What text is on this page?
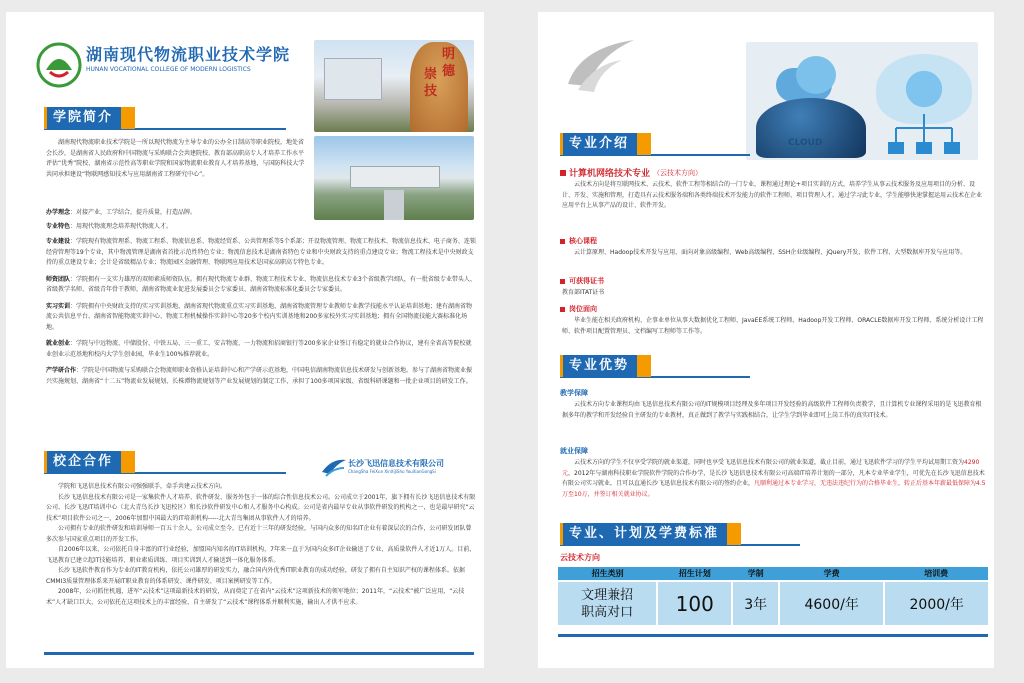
湖南现代物流职业技术学院
HUNAN VOCATIONAL COLLEGE OF MODERN LOGISTICS
明
德
崇
技
学院简介

湖南现代物流职业技术学院是一所以现代物流为主导专业的公办全日制高等职业院校，地处省会长沙，是湖南省人民政府和中国物流与采购联合会共建院校、教育部高职高专人才培养工作水平评估“优秀”院校、湖南省示范性高等职业学院和国家物流职业教育人才培养基地，与国防科技大学共同承担建设“物联网感知技术与应用湖南省工程研究中心”。

办学理念：对接产业，工学结合，提升质量，打造品牌。
专业特色：用现代物流理念培养现代物流人才。
专业建设：学院现有物流管理系、物流工程系、物流信息系、物流经贸系、公共管理系等5个系部；开设物流管理、物流工程技术、物流信息技术、电子商务、连锁经营管理等19个专业，其中物流管理是湖南省首批示范性特色专业；物流信息技术是湖南省特色专业和中央财政支持的重点建设专业；物流工程技术是中央财政支持的重点建设专业；会计是省级精品专业；物流园区金融管理、物联网应用技术是国家高职高专特色专业。
师资团队：学院拥有一支实力雄厚的双师素质师资队伍。拥有现代物流专业群、物流工程技术专业、物流信息技术专业3个省级教学团队，有一批省级专业带头人、省级教学名师、省级青年骨干教师，湖南省物流业促进发展委员会专家委员、湖南省物流标准化委员会专家委员。
实习实训：学院拥有中央财政支持的实习实训基地、湖南省现代物流重点实习实训基地、湖南省物流管理专业教师专业教学技能水平认证培训基地；建有湖南省物流公共信息平台、湖南省智能物流实训中心、物流工程机械操作实训中心等20多个校内实训基地和200多家校外实习实训基地；拥有全国物流技能大赛标准化场地。
就业创业：学院与中远物流、中储股份、中铁五局、三一重工、安吉物流、一力物流和招商银行等200多家企业签订有稳定的就业合作协议，建有全省高等院校就业创业示范基地和校内大学生创业园，毕业生100%推荐就业。
产学研合作：学院是中国物流与采购联合会物流师职业资格认证培训中心和产学研示范基地，中国电信湖南物流信息技术研发与创新基地。参与了湖南省物流业振兴实施规划、湖南省“十二五”物流业发展规划、长株潭物流规划等产业发展规划的制定工作，承担了100多项国家级、省级科研课题和一批企业项目的研发工作。
校企合作	长沙飞迅信息技术有限公司
ChangSha FeiXun XinXiJiShu YouXianGongSi

学院和飞迅信息技术有限公司强强联手，牵手共建云技术方向。

长沙飞迅信息技术有限公司是一家集软件人才培养、软件研发、服务外包于一体的综合性信息技术公司。公司成立于2001年，旗下拥有长沙飞迅信息技术有限公司、长沙飞迅IT培训中心（北大青鸟长沙飞迅校区）和长沙软件研发中心和人才服务中心构成。公司是省内最早专业从事软件研发的机构之一，也是最早研究“云技术”项目软件公司之一，2006年加盟中国最大的IT培训机构-----北大青鸟集团从事软件人才的培养。

公司拥有专业的软件研发和培训导师一百五十余人，公司成立至今，已有近十三年的研发经验，与国内众多的知名IT企业有着深层次的合作，公司研发团队曾多次参与国家重点项目的开发工作。

自2006年以来，公司依托自身丰富的IT行业经验，加盟国内知名的IT培训机构，7年来一直于为国内众多IT企业输送了专业、高质量软件人才近1万人。目前，飞迅教育已建立起IT技能培养、职业素质训练、项目实训到人才输送到一体化服务体系。

长沙飞迅软件教育作为专业的IT教育机构，依托公司雄厚的研发实力，融合国内外优秀IT职业教育的成功经验，研发了拥有自主知识产权的课程体系。依据CMMI3质量管理体系来开展IT职业教育的体系研发、课件研发、项目案例研发等工作。

2008年，公司抓住机遇，进军“云技术”这项最新技术的研发，从而奠定了在省内“云技术”这项新技术的领军地位；2011年，“云技术”被广泛应用，“云技术”人才缺口巨大，公司依托在这项技术上的丰富经验，自主研发了“云技术”课程体系并顺利实施，输出人才供不应求。

CLOUD
专业介绍
计算机网络技术专业 （云技术方向）

云技术方向是将互联网技术、云技术、软件工程等相结合的一门专业，课程通过理论+项目实训的方式，培养学生从事云技术服务及应用项目的分析、设计、开发、实施和管理，打造具有云技术服务端和各类终端技术开发能力的软件工程师、项目管理人才。通过学习此专业，学生能够快速掌握运用云技术在企业应用平台上从事产品的设计、软件开发。

核心课程

云计算原理、Hadoop技术开发与应用、面向对象高级编程、Web高级编程、SSH企业级编程、jQuery开发、软件工程、大型数据库开发与应用等。

可获得证书
教育部ITAT证书
岗位面向

毕业生能在相关政府机构、企事业单位从事大数据优化工程师、JavaEE系统工程师、Hadoop开发工程师、ORACLE数据库开发工程师、系统分析设计工程师、软件项目配置管理员、文档编写工程师等工作等。

专业优势
教学保障

云技术方向专业课程均由飞迅信息技术有限公司的IT规模项目经理及多年项目开发经验的高级软件工程师负责教学，且计算机专业课程采用的是飞迅教育根据多年的教学和开发经验自主研发的专业教材，真正做到了教学与实践相结合，让学生学到毕业即可上岗工作的真实IT技术。

就业保障

云技术方向的学生不仅享受学院的就业渠道，同时也享受飞迅信息技术有限公司的就业渠道，截止目前，通过飞迅软件学习的学生平均试用期工资为4290元，2012年与湖南科技职业学院软件学院的合作办学，是长沙飞迅信息技术有限公司高端IT培养计划的一部分，凡本专业毕业学生，可优先在长沙飞迅信息技术有限公司实习就业，且可以直通长沙飞迅信息技术有限公司的签约企业，凡顺利通过本专业学习，无违法违纪行为的合格毕业生，转正后基本年薪最低保障为4.5万至10万，并签订相关就业协议。

专业、计划及学费标准
云技术方向
招生类别	招生计划	学制	学费	培训费
文理兼招
职高对口	100	3年	4600/年	2000/年
